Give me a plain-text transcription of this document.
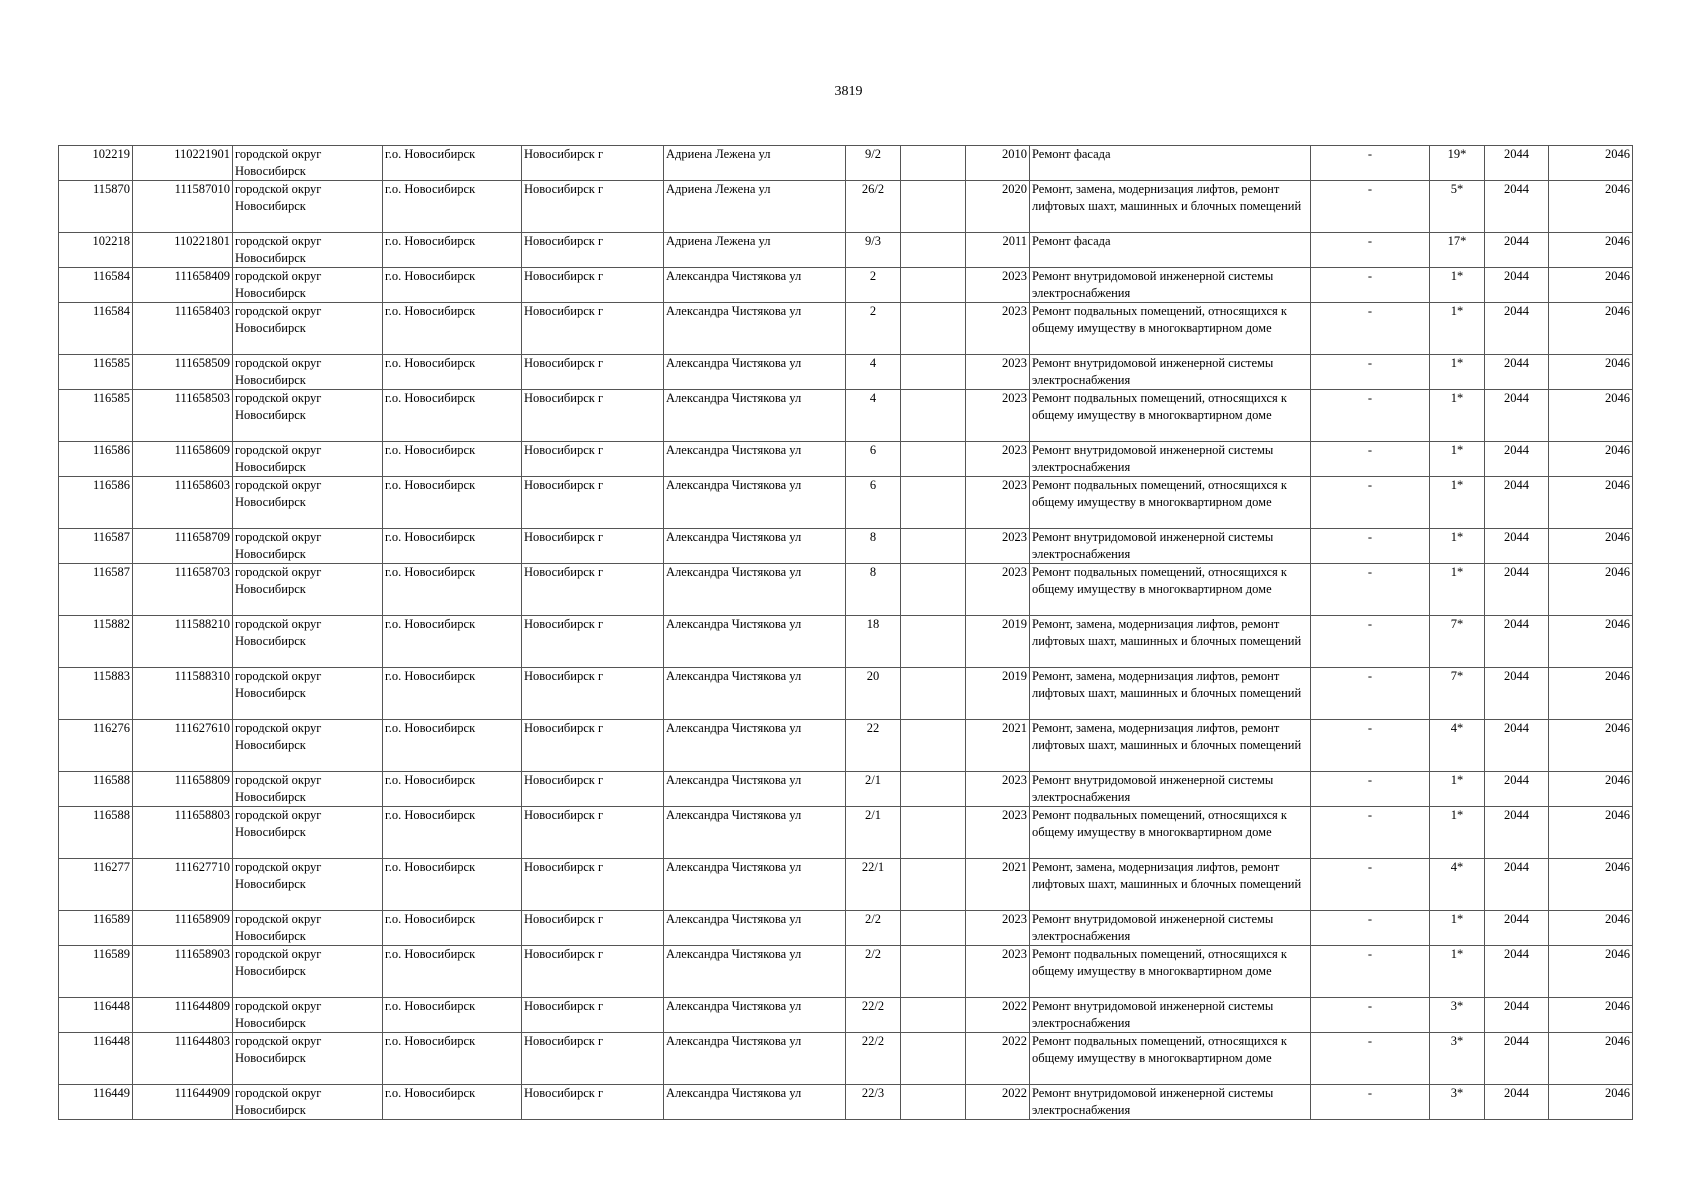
3819
102219	110221901	городской округ Новосибирск	г.о. Новосибирск	Новосибирск г	Адриена Лежена ул	9/2		2010	Ремонт фасада	-	19*	2044	2046
115870	111587010	городской округ Новосибирск	г.о. Новосибирск	Новосибирск г	Адриена Лежена ул	26/2		2020	Ремонт, замена, модернизация лифтов, ремонт лифтовых шахт, машинных и блочных помещений	-	5*	2044	2046
102218	110221801	городской округ Новосибирск	г.о. Новосибирск	Новосибирск г	Адриена Лежена ул	9/3		2011	Ремонт фасада	-	17*	2044	2046
116584	111658409	городской округ Новосибирск	г.о. Новосибирск	Новосибирск г	Александра Чистякова ул	2		2023	Ремонт внутридомовой инженерной системы электроснабжения	-	1*	2044	2046
116584	111658403	городской округ Новосибирск	г.о. Новосибирск	Новосибирск г	Александра Чистякова ул	2		2023	Ремонт подвальных помещений, относящихся к общему имуществу в многоквартирном доме	-	1*	2044	2046
116585	111658509	городской округ Новосибирск	г.о. Новосибирск	Новосибирск г	Александра Чистякова ул	4		2023	Ремонт внутридомовой инженерной системы электроснабжения	-	1*	2044	2046
116585	111658503	городской округ Новосибирск	г.о. Новосибирск	Новосибирск г	Александра Чистякова ул	4		2023	Ремонт подвальных помещений, относящихся к общему имуществу в многоквартирном доме	-	1*	2044	2046
116586	111658609	городской округ Новосибирск	г.о. Новосибирск	Новосибирск г	Александра Чистякова ул	6		2023	Ремонт внутридомовой инженерной системы электроснабжения	-	1*	2044	2046
116586	111658603	городской округ Новосибирск	г.о. Новосибирск	Новосибирск г	Александра Чистякова ул	6		2023	Ремонт подвальных помещений, относящихся к общему имуществу в многоквартирном доме	-	1*	2044	2046
116587	111658709	городской округ Новосибирск	г.о. Новосибирск	Новосибирск г	Александра Чистякова ул	8		2023	Ремонт внутридомовой инженерной системы электроснабжения	-	1*	2044	2046
116587	111658703	городской округ Новосибирск	г.о. Новосибирск	Новосибирск г	Александра Чистякова ул	8		2023	Ремонт подвальных помещений, относящихся к общему имуществу в многоквартирном доме	-	1*	2044	2046
115882	111588210	городской округ Новосибирск	г.о. Новосибирск	Новосибирск г	Александра Чистякова ул	18		2019	Ремонт, замена, модернизация лифтов, ремонт лифтовых шахт, машинных и блочных помещений	-	7*	2044	2046
115883	111588310	городской округ Новосибирск	г.о. Новосибирск	Новосибирск г	Александра Чистякова ул	20		2019	Ремонт, замена, модернизация лифтов, ремонт лифтовых шахт, машинных и блочных помещений	-	7*	2044	2046
116276	111627610	городской округ Новосибирск	г.о. Новосибирск	Новосибирск г	Александра Чистякова ул	22		2021	Ремонт, замена, модернизация лифтов, ремонт лифтовых шахт, машинных и блочных помещений	-	4*	2044	2046
116588	111658809	городской округ Новосибирск	г.о. Новосибирск	Новосибирск г	Александра Чистякова ул	2/1		2023	Ремонт внутридомовой инженерной системы электроснабжения	-	1*	2044	2046
116588	111658803	городской округ Новосибирск	г.о. Новосибирск	Новосибирск г	Александра Чистякова ул	2/1		2023	Ремонт подвальных помещений, относящихся к общему имуществу в многоквартирном доме	-	1*	2044	2046
116277	111627710	городской округ Новосибирск	г.о. Новосибирск	Новосибирск г	Александра Чистякова ул	22/1		2021	Ремонт, замена, модернизация лифтов, ремонт лифтовых шахт, машинных и блочных помещений	-	4*	2044	2046
116589	111658909	городской округ Новосибирск	г.о. Новосибирск	Новосибирск г	Александра Чистякова ул	2/2		2023	Ремонт внутридомовой инженерной системы электроснабжения	-	1*	2044	2046
116589	111658903	городской округ Новосибирск	г.о. Новосибирск	Новосибирск г	Александра Чистякова ул	2/2		2023	Ремонт подвальных помещений, относящихся к общему имуществу в многоквартирном доме	-	1*	2044	2046
116448	111644809	городской округ Новосибирск	г.о. Новосибирск	Новосибирск г	Александра Чистякова ул	22/2		2022	Ремонт внутридомовой инженерной системы электроснабжения	-	3*	2044	2046
116448	111644803	городской округ Новосибирск	г.о. Новосибирск	Новосибирск г	Александра Чистякова ул	22/2		2022	Ремонт подвальных помещений, относящихся к общему имуществу в многоквартирном доме	-	3*	2044	2046
116449	111644909	городской округ Новосибирск	г.о. Новосибирск	Новосибирск г	Александра Чистякова ул	22/3		2022	Ремонт внутридомовой инженерной системы электроснабжения	-	3*	2044	2046
